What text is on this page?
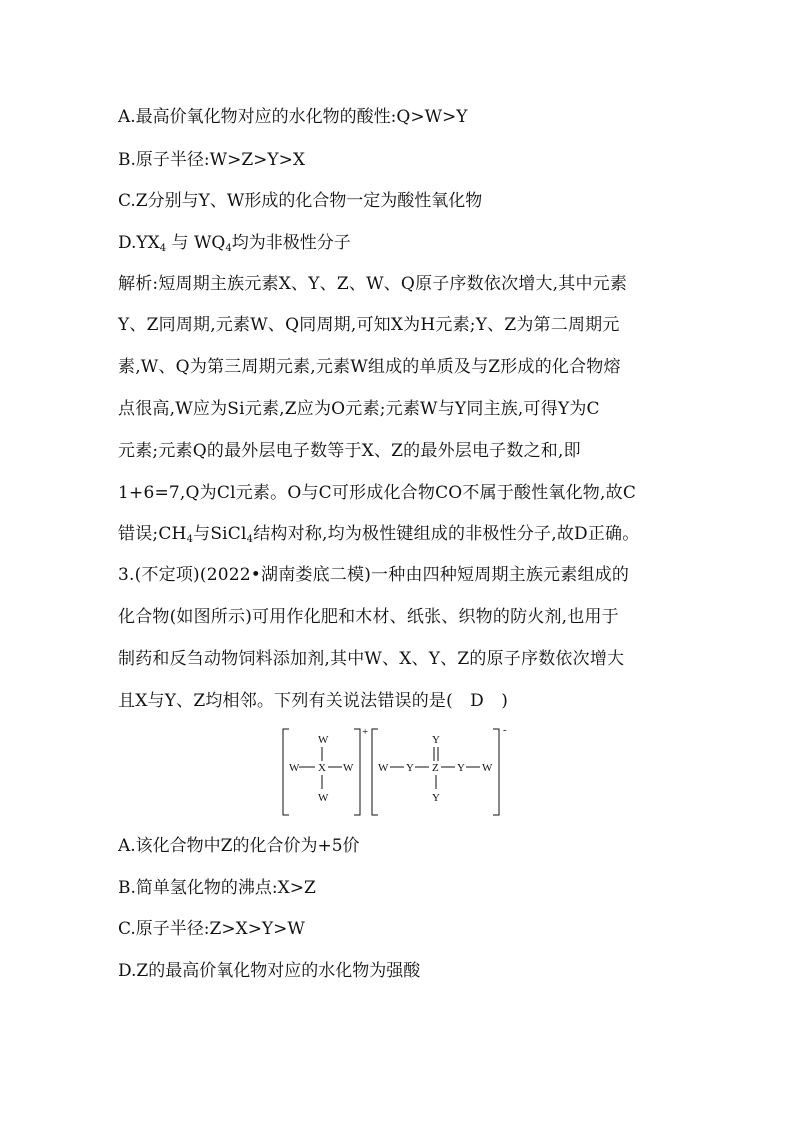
A.最高价氧化物对应的水化物的酸性:Q>W>Y
B.原子半径:W>Z>Y>X
C.Z分别与Y、W形成的化合物一定为酸性氧化物
$D.YX_4$ 与 $WQ_4$均为非极性分子
解析:短周期主族元素X、Y、Z、W、Q原子序数依次增大,其中元素
Y、Z同周期,元素W、Q同周期,可知X为H元素;Y、Z为第二周期元
素,W、Q为第三周期元素,元素W组成的单质及与Z形成的化合物熔
点很高,W应为Si元素,Z应为O元素;元素W与Y同主族,可得Y为C
元素;元素Q的最外层电子数等于X、Z的最外层电子数之和,即
1+6=7,Q为Cl元素。O与C可形成化合物CO不属于酸性氧化物,故C
错误$;CH_4$与SiCl$_4$结构对称,均为极性键组成的非极性分子,故D正确。
3.(不定项)(2022•湖南娄底二模)一种由四种短周期主族元素组成的
化合物(如图所示)可用作化肥和木材、纸张、织物的防火剂,也用于
制药和反刍动物饲料添加剂,其中W、X、Y、Z的原子序数依次增大
且X与Y、Z均相邻。下列有关说法错误的是(　D　)
+
W
W X W
W
-
Y
W Y Z Y W
Y
A.该化合物中Z的化合价为+5价
B.简单氢化物的沸点:X>Z
C.原子半径:Z>X>Y>W
D.Z的最高价氧化物对应的水化物为强酸
